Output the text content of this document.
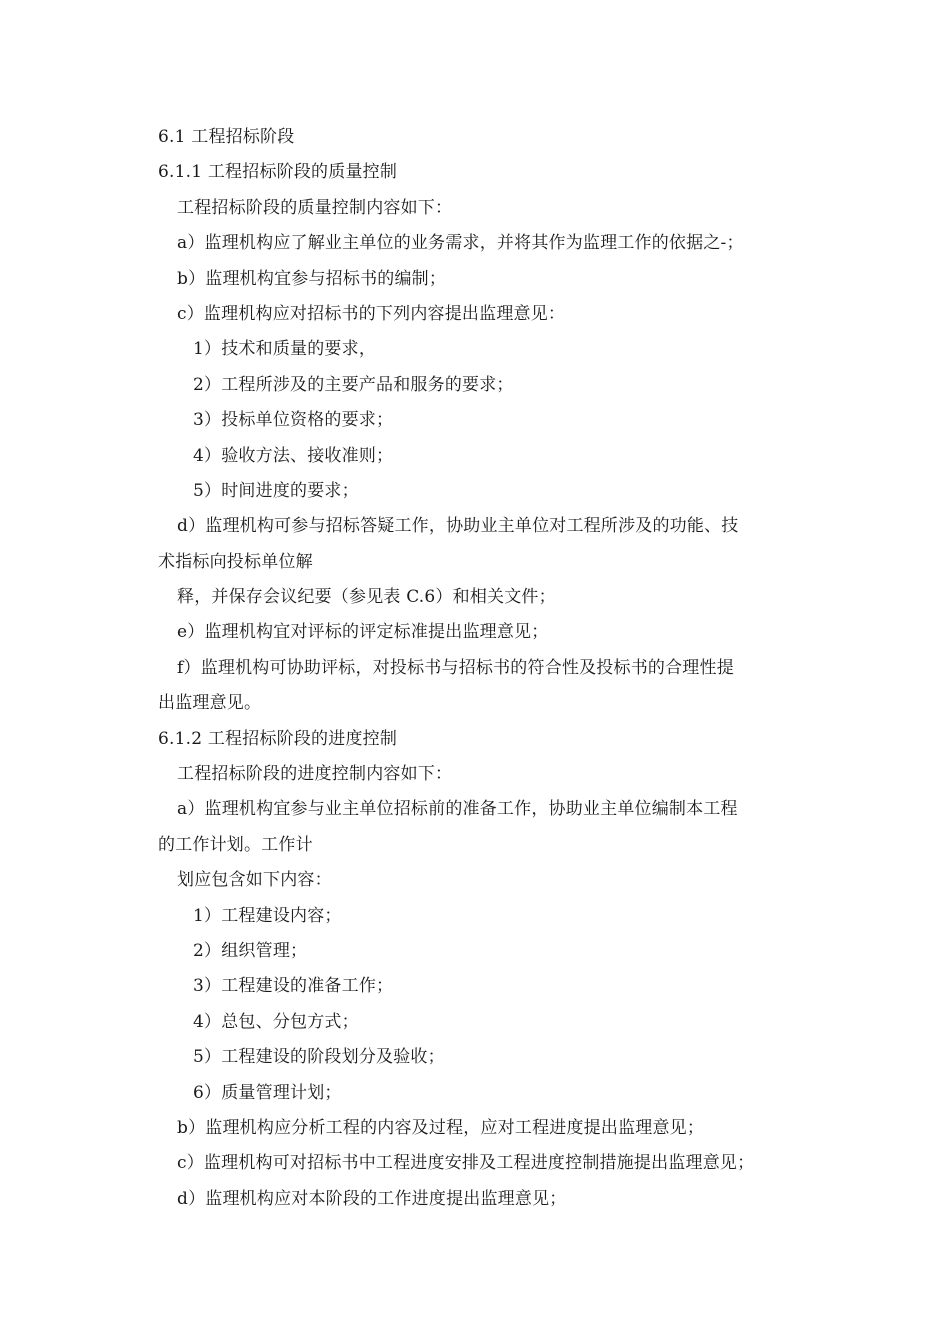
6.1 工程招标阶段
6.1.1 工程招标阶段的质量控制
工程招标阶段的质量控制内容如下：
a）监理机构应了解业主单位的业务需求，并将其作为监理工作的依据之-；
b）监理机构宜参与招标书的编制；
c）监理机构应对招标书的下列内容提出监理意见：
1）技术和质量的要求，
2）工程所涉及的主要产品和服务的要求；
3）投标单位资格的要求；
4）验收方法、接收准则；
5）时间进度的要求；
d）监理机构可参与招标答疑工作，协助业主单位对工程所涉及的功能、技
术指标向投标单位解
释，并保存会议纪要（参见表 C.6）和相关文件；
e）监理机构宜对评标的评定标准提出监理意见；
f）监理机构可协助评标，对投标书与招标书的符合性及投标书的合理性提
出监理意见。
6.1.2 工程招标阶段的进度控制
工程招标阶段的进度控制内容如下：
a）监理机构宜参与业主单位招标前的准备工作，协助业主单位编制本工程
的工作计划。工作计
划应包含如下内容：
1）工程建设内容；
2）组织管理；
3）工程建设的准备工作；
4）总包、分包方式；
5）工程建设的阶段划分及验收；
6）质量管理计划；
b）监理机构应分析工程的内容及过程，应对工程进度提出监理意见；
c）监理机构可对招标书中工程进度安排及工程进度控制措施提出监理意见；
d）监理机构应对本阶段的工作进度提出监理意见；
